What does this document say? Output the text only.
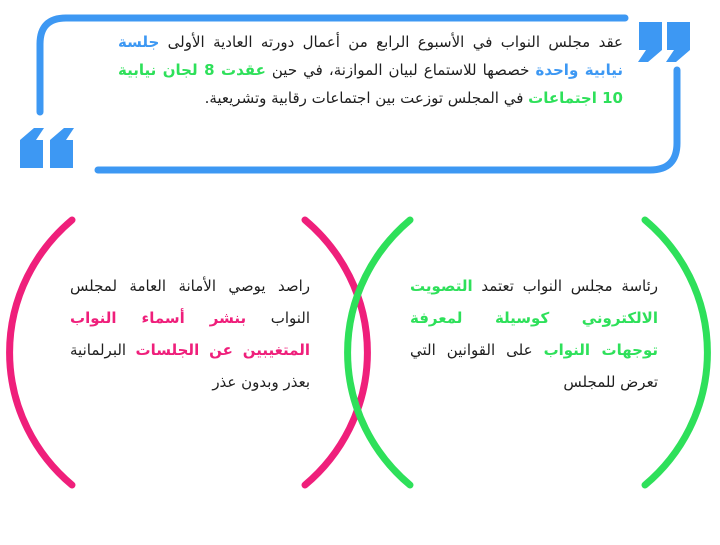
عقد مجلس النواب في الأسبوع الرابع من أعمال دورته العادية الأولى جلسة نيابية واحدة خصصها للاستماع لبيان الموازنة، في حين عقدت 8 لجان نيابية 10 اجتماعات في المجلس توزعت بين اجتماعات رقابية وتشريعية.
راصد يوصي الأمانة العامة لمجلس النواب بنشر أسماء النواب المتغيبين عن الجلسات البرلمانية بعذر وبدون عذر
رئاسة مجلس النواب تعتمد التصويت الالكتروني كوسيلة لمعرفة توجهات النواب على القوانين التي تعرض للمجلس
